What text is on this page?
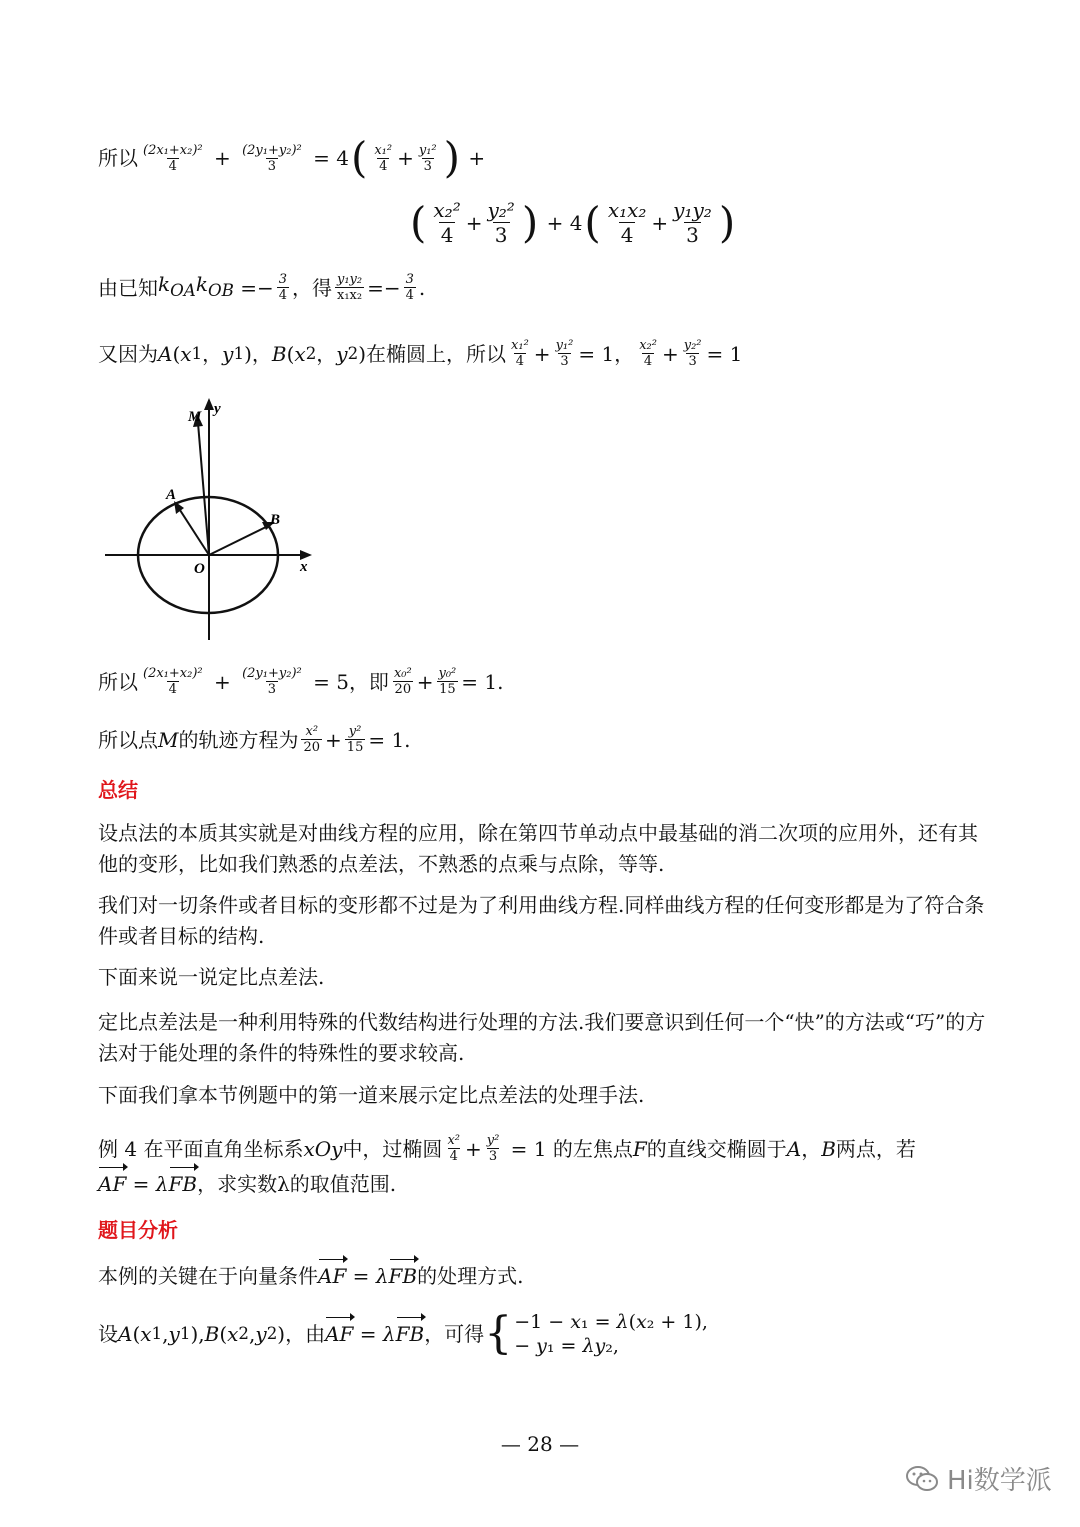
所以 $\frac{\text{(2x₁+x₂)²}}{4} + \frac{\text{(2y₁+y₂)²}}{3} = 4$ ( $\frac{\text{x₁²}}{4} + \frac{\text{y₁²}}{3}$ ) +
( $\frac{\text{x₂²}}{4} + \frac{\text{y₂²}}{3}$ ) + 4 ( $\frac{\text{x₁x₂}}{4} + \frac{\text{y₁y₂}}{3}$ )
由已知 $k_{OA}k_{OB} =- \frac{3}{4}$ ，得 $\frac{\text{y₁y₂}}{\text{x₁x₂}} =- \frac{3}{4}$ .
又因为 A ( x 1 ， y 1 )， B ( x 2 ， y 2 ) 在椭圆上，所以 $\frac{\text{x₁²}}{4} + \frac{\text{y₁²}}{3} = 1$， $\frac{\text{x₂²}}{4} + \frac{\text{y₂²}}{3} = 1$
M y
A
B
O	x
所以 $\frac{\text{(2x₁+x₂)²}}{4} + \frac{\text{(2y₁+y₂)²}}{3} = 5$ ，即 $\frac{\text{x₀²}}{20} + \frac{\text{y₀²}}{15} = 1$.
所以点 M 的轨迹方程为 $\frac{\text{x²}}{20} + \frac{\text{y²}}{15} = 1$.
总结
设点法的本质其实就是对曲线方程的应用，除在第四节单动点中最基础的消二次项的应用外，还有其他的变形，比如我们熟悉的点差法，不熟悉的点乘与点除，等等.
我们对一切条件或者目标的变形都不过是为了利用曲线方程.同样曲线方程的任何变形都是为了符合条件或者目标的结构.
下面来说一说定比点差法.
定比点差法是一种利用特殊的代数结构进行处理的方法.我们要意识到任何一个“快”的方法或“巧”的方法对于能处理的条件的特殊性的要求较高.
下面我们拿本节例题中的第一道来展示定比点差法的处理手法.
例 4 在平面直角坐标系 xOy 中，过椭圆 $\frac{\text{x²}}{4} + \frac{\text{y²}}{3} = 1$ 的左焦点 F 的直线交椭圆于 A ， B 两点，若
AF = λ FB ，求实数λ的取值范围.
题目分析
本例的关键在于向量条件 AF = λ FB 的处理方式.
设 A ( x 1 , y 1 ), B ( x 2 , y 2 ) ，由 AF = λ FB ，可得 { −1 − x₁ = λ(x₂ + 1),
− y₁ = λy₂,
— 28 —
Hi数学派
